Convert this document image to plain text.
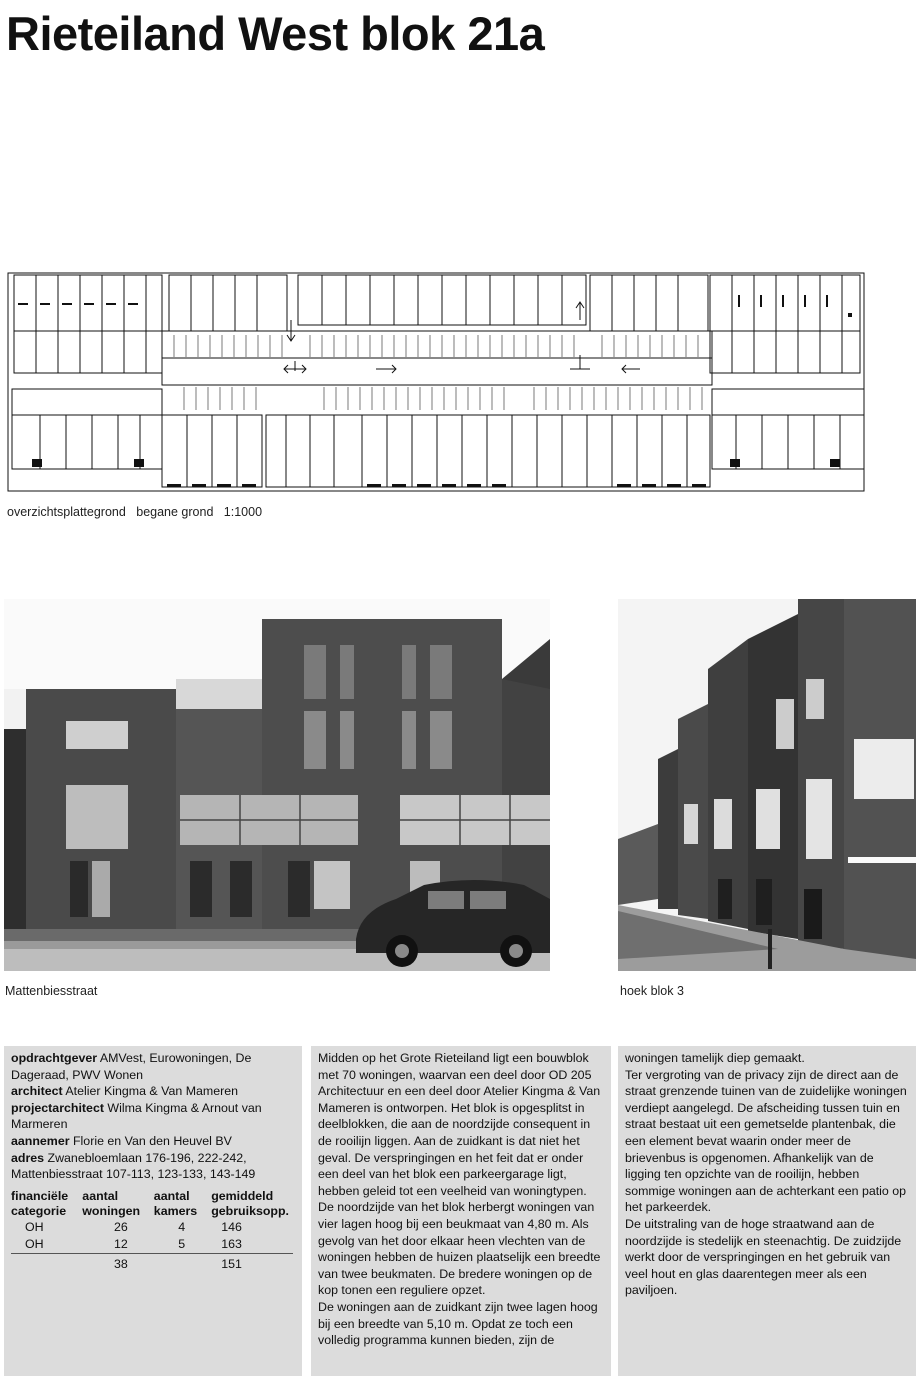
Rieteiland West blok 21a
overzichtsplattegrond   begane grond   1:1000
Mattenbiesstraat	hoek blok 3

opdrachtgever AMVest, Eurowoningen, De Dageraad, PWV Wonen

architect Atelier Kingma & Van Mameren

projectarchitect Wilma Kingma & Arnout van Marmeren

aannemer Florie en Van den Heuvel BV

adres Zwanebloemlaan 176-196, 222-242, Mattenbiesstraat 107-113, 123-133, 143-149

financiële categorie	aantal woningen	aantal kamers	gemiddeld gebruiksopp.
OH	26	4	146
OH	12	5	163
	38		151

Midden op het Grote Rieteiland ligt een bouwblok met 70 woningen, waarvan een deel door OD 205 Architectuur en een deel door Atelier Kingma & Van Mameren is ontworpen. Het blok is opgesplitst in deelblokken, die aan de noordzijde consequent in de rooilijn liggen. Aan de zuidkant is dat niet het geval. De verspringingen en het feit dat er onder een deel van het blok een parkeergarage ligt, hebben geleid tot een veelheid van woningtypen.

De noordzijde van het blok herbergt woningen van vier lagen hoog bij een beukmaat van 4,80 m. Als gevolg van het door elkaar heen vlechten van de woningen hebben de huizen plaatselijk een breedte van twee beukmaten. De bredere woningen op de kop tonen een reguliere opzet.

De woningen aan de zuidkant zijn twee lagen hoog bij een breedte van 5,10 m. Opdat ze toch een volledig programma kunnen bieden, zijn de

woningen tamelijk diep gemaakt.

Ter vergroting van de privacy zijn de direct aan de straat grenzende tuinen van de zuidelijke woningen verdiept aangelegd. De afscheiding tussen tuin en straat bestaat uit een gemetselde plantenbak, die een element bevat waarin onder meer de brievenbus is opgenomen. Afhankelijk van de ligging ten opzichte van de rooilijn, hebben sommige woningen aan de achterkant een patio op het parkeerdek.

De uitstraling van de hoge straatwand aan de noordzijde is stedelijk en steenachtig. De zuidzijde werkt door de verspringingen en het gebruik van veel hout en glas daarentegen meer als een paviljoen.
